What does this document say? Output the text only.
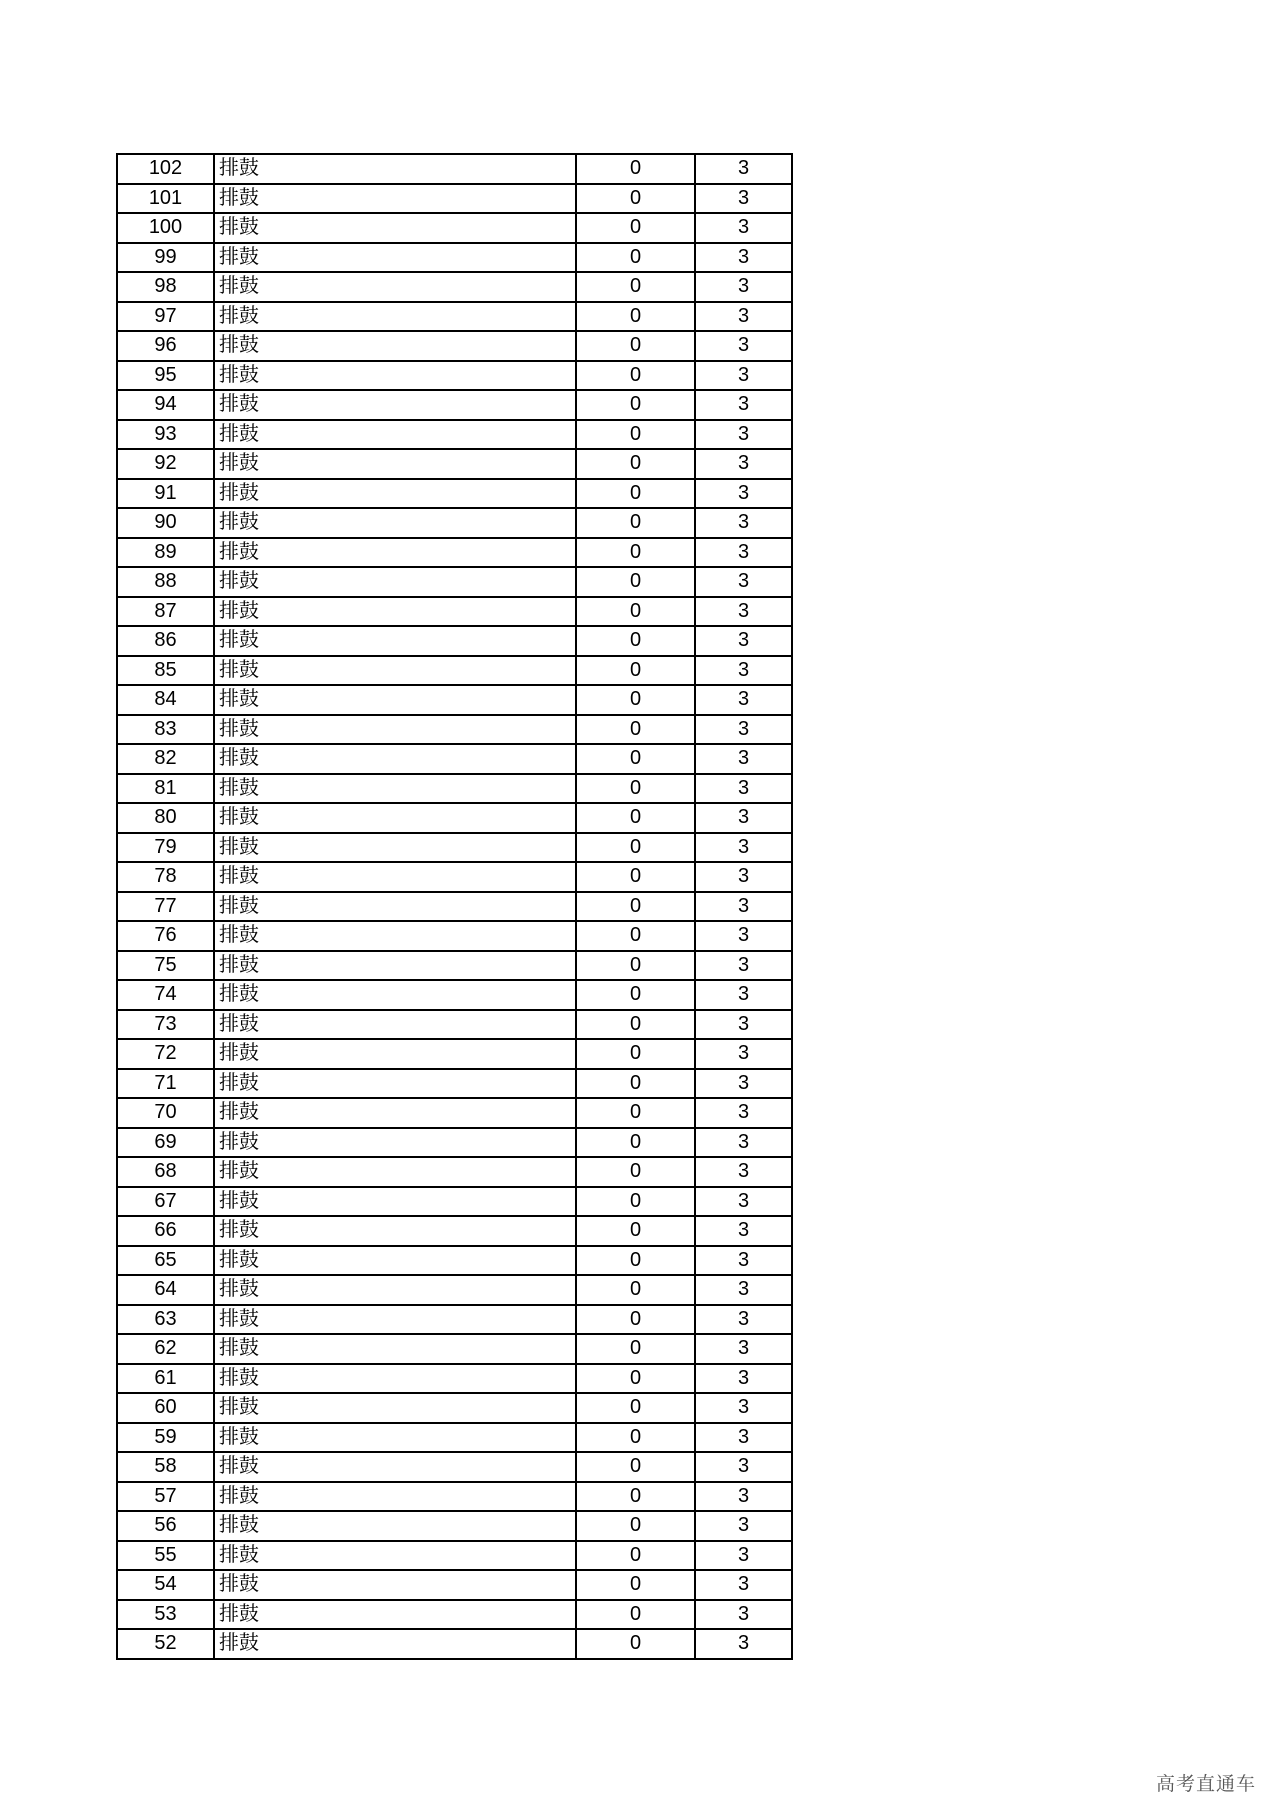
102	排鼓	0	3
101	排鼓	0	3
100	排鼓	0	3
99	排鼓	0	3
98	排鼓	0	3
97	排鼓	0	3
96	排鼓	0	3
95	排鼓	0	3
94	排鼓	0	3
93	排鼓	0	3
92	排鼓	0	3
91	排鼓	0	3
90	排鼓	0	3
89	排鼓	0	3
88	排鼓	0	3
87	排鼓	0	3
86	排鼓	0	3
85	排鼓	0	3
84	排鼓	0	3
83	排鼓	0	3
82	排鼓	0	3
81	排鼓	0	3
80	排鼓	0	3
79	排鼓	0	3
78	排鼓	0	3
77	排鼓	0	3
76	排鼓	0	3
75	排鼓	0	3
74	排鼓	0	3
73	排鼓	0	3
72	排鼓	0	3
71	排鼓	0	3
70	排鼓	0	3
69	排鼓	0	3
68	排鼓	0	3
67	排鼓	0	3
66	排鼓	0	3
65	排鼓	0	3
64	排鼓	0	3
63	排鼓	0	3
62	排鼓	0	3
61	排鼓	0	3
60	排鼓	0	3
59	排鼓	0	3
58	排鼓	0	3
57	排鼓	0	3
56	排鼓	0	3
55	排鼓	0	3
54	排鼓	0	3
53	排鼓	0	3
52	排鼓	0	3
高考直通车
